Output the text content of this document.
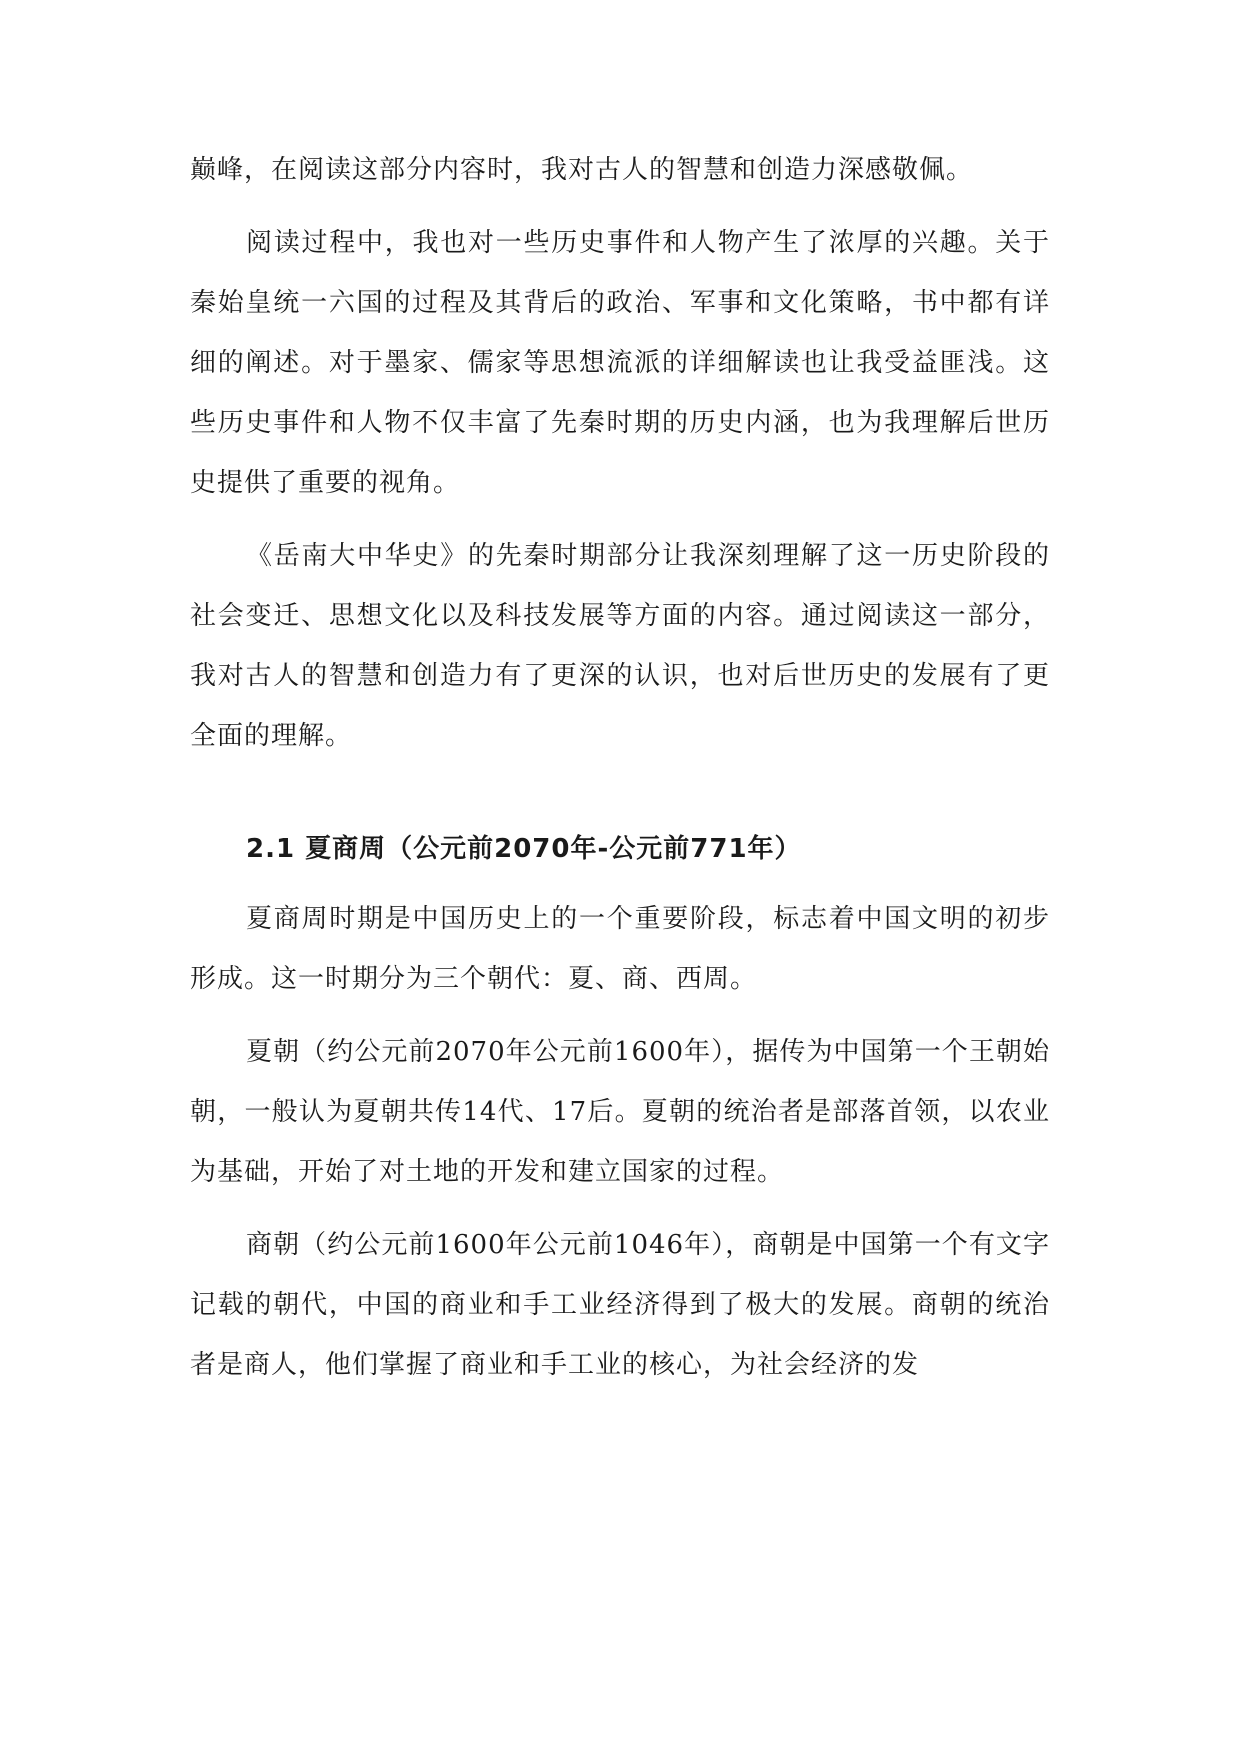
巅峰，在阅读这部分内容时，我对古人的智慧和创造力深感敬佩。

阅读过程中，我也对一些历史事件和人物产生了浓厚的兴趣。关于秦始皇统一六国的过程及其背后的政治、军事和文化策略，书中都有详细的阐述。对于墨家、儒家等思想流派的详细解读也让我受益匪浅。这些历史事件和人物不仅丰富了先秦时期的历史内涵，也为我理解后世历史提供了重要的视角。

《岳南大中华史》的先秦时期部分让我深刻理解了这一历史阶段的社会变迁、思想文化以及科技发展等方面的内容。通过阅读这一部分，我对古人的智慧和创造力有了更深的认识，也对后世历史的发展有了更全面的理解。

2.1 夏商周（公元前2070年-公元前771年）

夏商周时期是中国历史上的一个重要阶段，标志着中国文明的初步形成。这一时期分为三个朝代：夏、商、西周。

夏朝（约公元前2070年公元前1600年），据传为中国第一个王朝始朝，一般认为夏朝共传14代、17后。夏朝的统治者是部落首领，以农业为基础，开始了对土地的开发和建立国家的过程。

商朝（约公元前1600年公元前1046年），商朝是中国第一个有文字记载的朝代，中国的商业和手工业经济得到了极大的发展。商朝的统治者是商人，他们掌握了商业和手工业的核心，为社会经济的发
